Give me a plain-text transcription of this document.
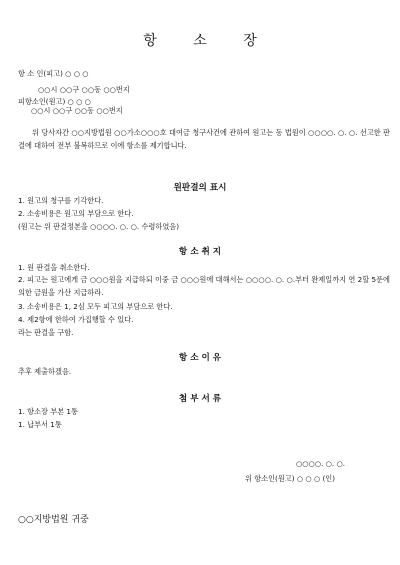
항 소 장
항 소 인(피고) ○ ○ ○
○○시 ○○구 ○○동 ○○번지
피항소인(원고) ○ ○ ○
○○시 ○○구 ○○동 ○○번지
위 당사자간 ○○지방법원 ○○가소○○○호 대여금 청구사건에 관하여 원고는 동 법원이 ○○○○. ○. ○. 선고한 판결에 대하여 전부 불복하므로 이에 항소를 제기합니다.
원판결의 표시
1. 원고의 청구를 기각한다.
2. 소송비용은 원고의 부담으로 한다.
(원고는 위 판결정본을 ○○○○. ○. ○. 수령하였음)
항 소 취 지
1. 원 판결을 취소한다.
2. 피고는 원고에게 금 ○○○원을 지급하되 이중 금 ○○○원에 대해서는 ○○○○. ○. ○.부터 완제일까지 연 2할 5푼에 의한 금원을 가산 지급하라.
3. 소송비용은 1, 2심 모두 피고의 부담으로 한다.
4. 제2항에 한하여 가집행할 수 있다.
라는 판결을 구함.
항 소 이 유
추후 제출하겠음.
첨 부 서 류
1. 항소장 부본 1통
1. 납부서 1통
○○○○. ○. ○.
위 항소인(원고) ○ ○ ○ (인)
○○지방법원 귀중
